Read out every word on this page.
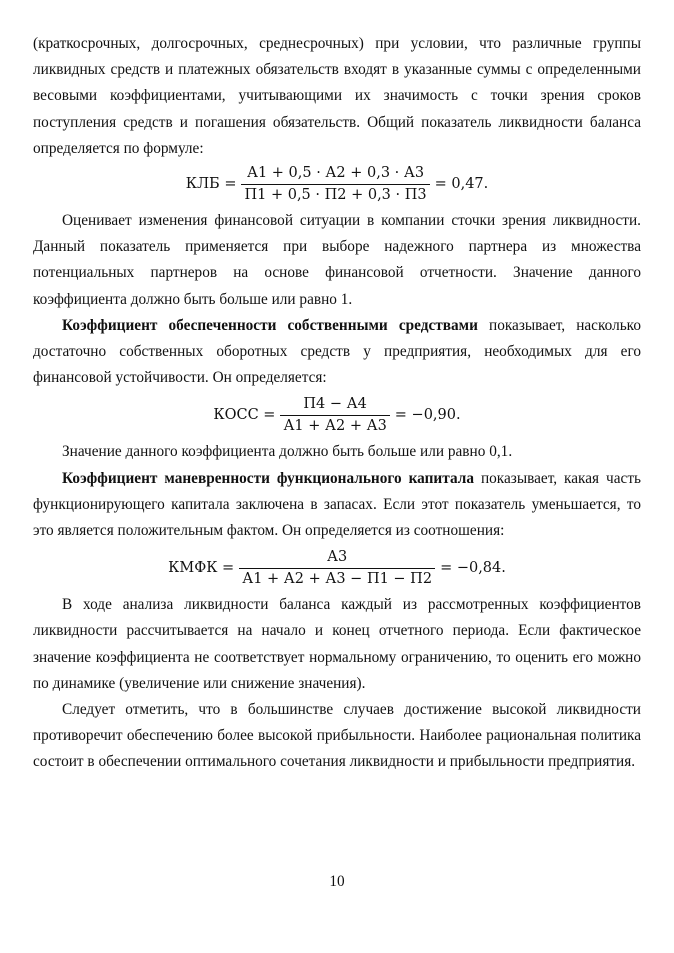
(краткосрочных, долгосрочных, среднесрочных) при условии, что различные группы ликвидных средств и платежных обязательств входят в указанные суммы с определенными весовыми коэффициентами, учитывающими их значимость с точки зрения сроков поступления средств и погашения обязательств. Общий показатель ликвидности баланса определяется по формуле:

КЛБ = $\frac{А1 + 0,5 \cdot А2 + 0,3 \cdot А3}{П1 + 0,5 \cdot П2 + 0,3 \cdot П3} = 0,47$.

Оценивает изменения финансовой ситуации в компании сточки зрения ликвидности. Данный показатель применяется при выборе надежного партнера из множества потенциальных партнеров на основе финансовой отчетности. Значение данного коэффициента должно быть больше или равно 1.

Коэффициент обеспеченности собственными средствами показывает, насколько достаточно собственных оборотных средств у предприятия, необходимых для его финансовой устойчивости. Он определяется:

КОСС = $\frac{П4 - А4}{А1 + А2 + А3} = -0,90$.

Значение данного коэффициента должно быть больше или равно 0,1.

Коэффициент маневренности функционального капитала показывает, какая часть функционирующего капитала заключена в запасах. Если этот показатель уменьшается, то это является положительным фактом. Он определяется из соотношения:

КМФК = $\frac{А3}{А1 + А2 + А3 - П1 - П2} = -0,84$.

В ходе анализа ликвидности баланса каждый из рассмотренных коэффициентов ликвидности рассчитывается на начало и конец отчетного периода. Если фактическое значение коэффициента не соответствует нормальному ограничению, то оценить его можно по динамике (увеличение или снижение значения).

Следует отметить, что в большинстве случаев достижение высокой ликвидности противоречит обеспечению более высокой прибыльности. Наиболее рациональная политика состоит в обеспечении оптимального сочетания ликвидности и прибыльности предприятия.

10
